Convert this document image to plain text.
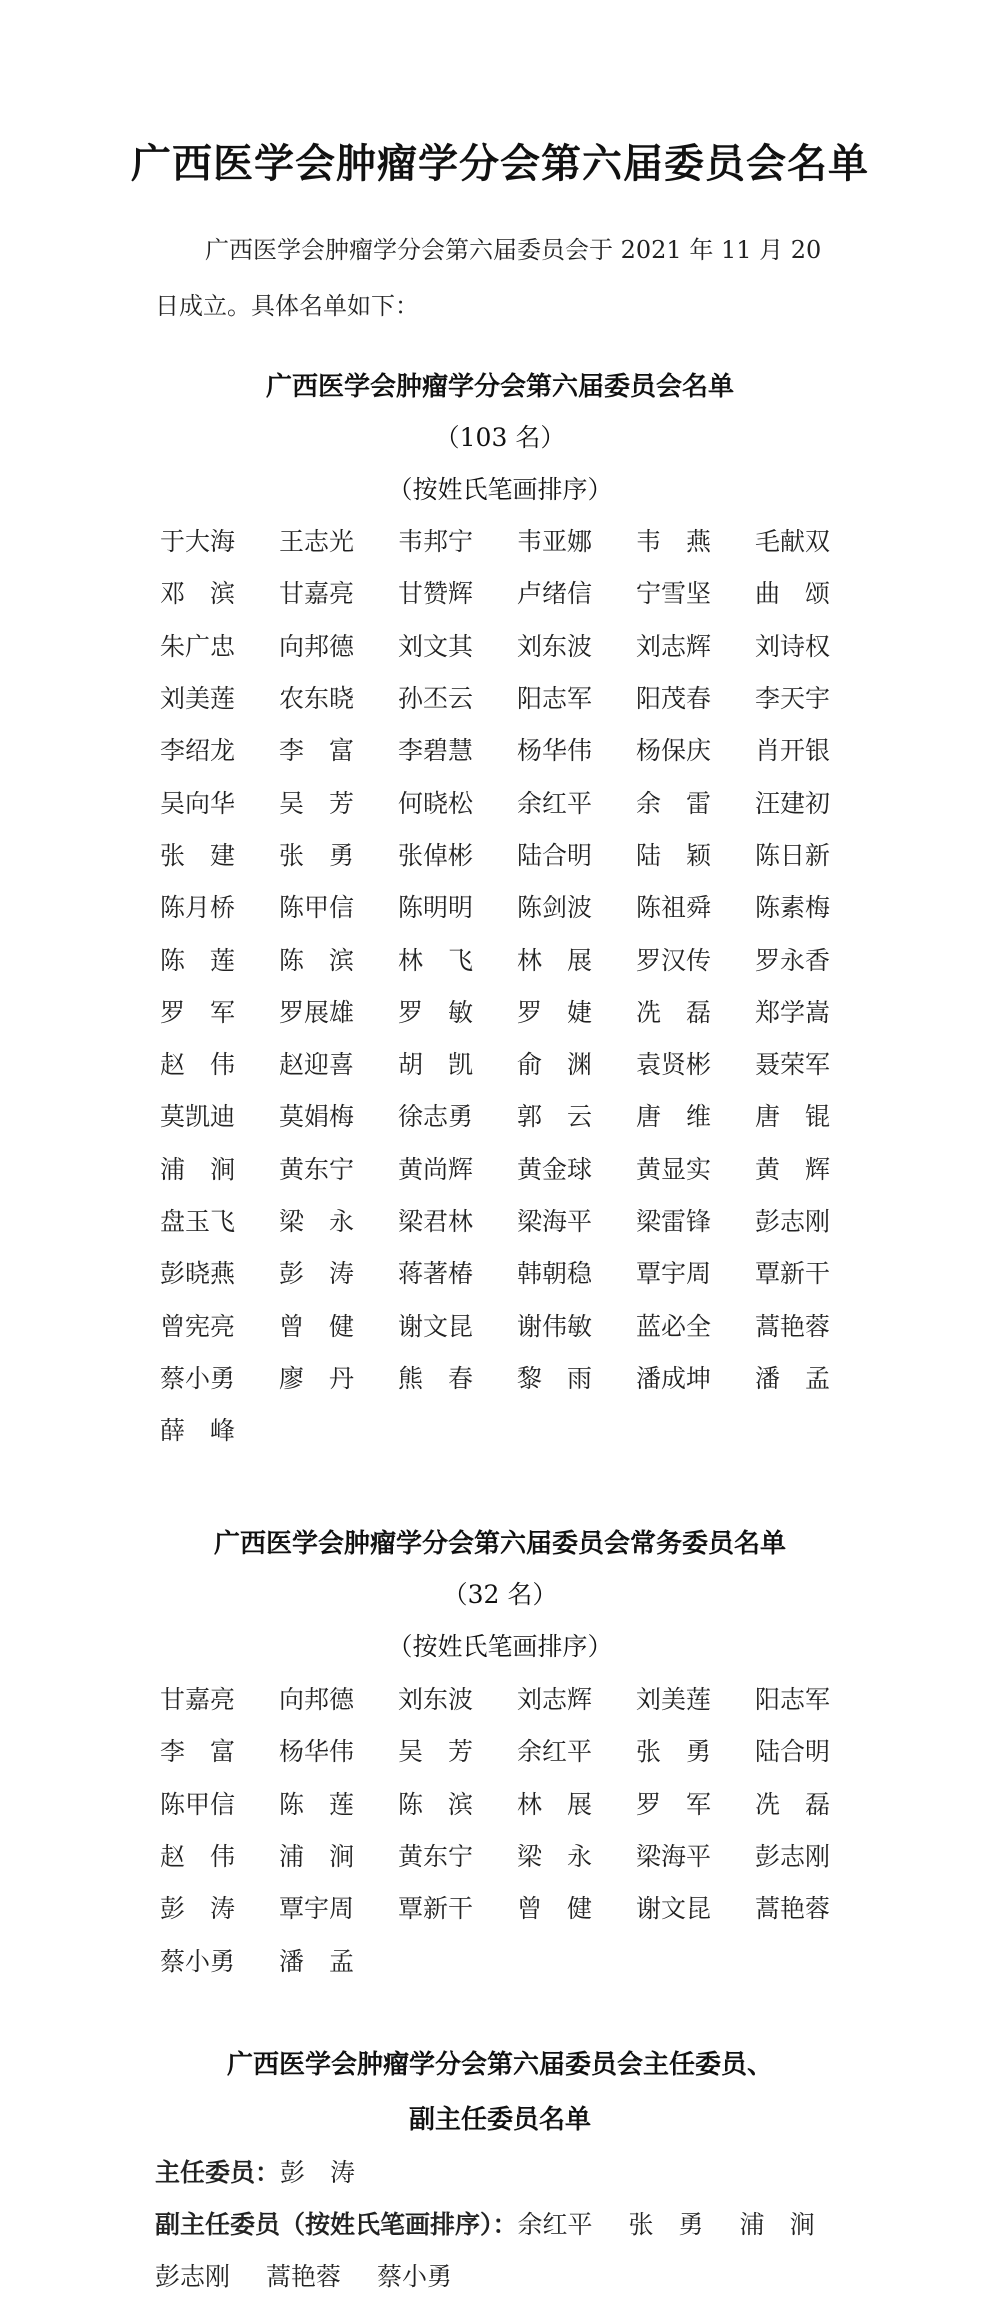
广西医学会肿瘤学分会第六届委员会名单
广西医学会肿瘤学分会第六届委员会于 2021 年 11 月 20
日成立。具体名单如下：
广西医学会肿瘤学分会第六届委员会名单
（103 名）
（按姓氏笔画排序）
于大海	王志光	韦邦宁	韦亚娜	韦　燕	毛献双
邓　滨	甘嘉亮	甘赞辉	卢绪信	宁雪坚	曲　颂
朱广忠	向邦德	刘文其	刘东波	刘志辉	刘诗权
刘美莲	农东晓	孙丕云	阳志军	阳茂春	李天宇
李绍龙	李　富	李碧慧	杨华伟	杨保庆	肖开银
吴向华	吴　芳	何晓松	余红平	余　雷	汪建初
张　建	张　勇	张倬彬	陆合明	陆　颖	陈日新
陈月桥	陈甲信	陈明明	陈剑波	陈祖舜	陈素梅
陈　莲	陈　滨	林　飞	林　展	罗汉传	罗永香
罗　军	罗展雄	罗　敏	罗　婕	冼　磊	郑学嵩
赵　伟	赵迎喜	胡　凯	俞　渊	袁贤彬	聂荣军
莫凯迪	莫娟梅	徐志勇	郭　云	唐　维	唐　锟
浦　涧	黄东宁	黄尚辉	黄金球	黄显实	黄　辉
盘玉飞	梁　永	梁君林	梁海平	梁雷锋	彭志刚
彭晓燕	彭　涛	蒋著椿	韩朝稳	覃宇周	覃新干
曾宪亮	曾　健	谢文昆	谢伟敏	蓝必全	蒿艳蓉
蔡小勇	廖　丹	熊　春	黎　雨	潘成坤	潘　孟
薛　峰
广西医学会肿瘤学分会第六届委员会常务委员名单
（32 名）
（按姓氏笔画排序）
甘嘉亮	向邦德	刘东波	刘志辉	刘美莲	阳志军
李　富	杨华伟	吴　芳	余红平	张　勇	陆合明
陈甲信	陈　莲	陈　滨	林　展	罗　军	冼　磊
赵　伟	浦　涧	黄东宁	梁　永	梁海平	彭志刚
彭　涛	覃宇周	覃新干	曾　健	谢文昆	蒿艳蓉
蔡小勇	潘　孟
广西医学会肿瘤学分会第六届委员会主任委员、
副主任委员名单
主任委员：彭　涛
副主任委员（按姓氏笔画排序）：余红平 张　勇 浦　涧
彭志刚 蒿艳蓉 蔡小勇
